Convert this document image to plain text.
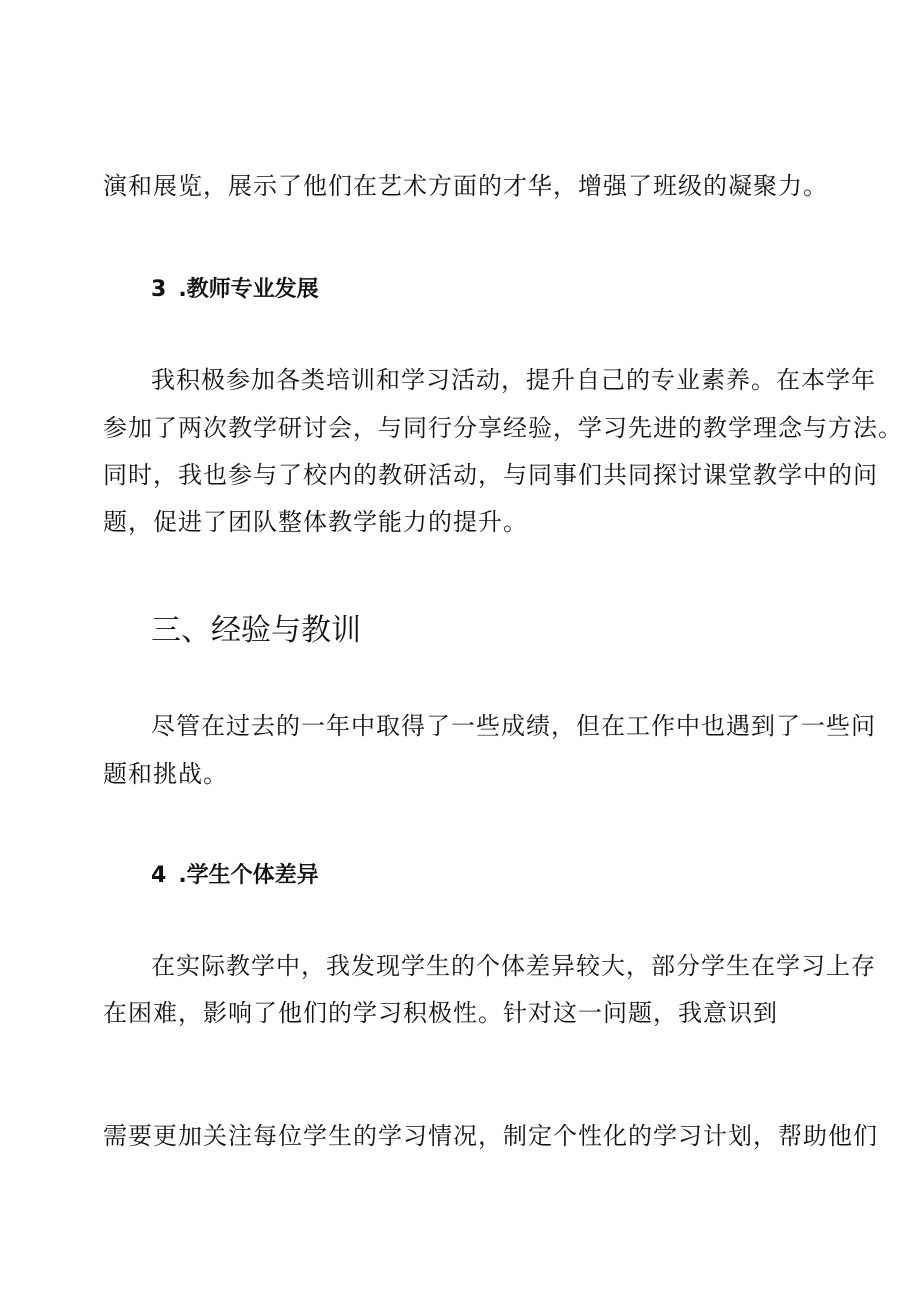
演和展览，展示了他们在艺术方面的才华，增强了班级的凝聚力。
3 .教师专业发展
我积极参加各类培训和学习活动，提升自己的专业素养。在本学年
参加了两次教学研讨会，与同行分享经验，学习先进的教学理念与方法。
同时，我也参与了校内的教研活动，与同事们共同探讨课堂教学中的问
题，促进了团队整体教学能力的提升。
三、经验与教训
尽管在过去的一年中取得了一些成绩，但在工作中也遇到了一些问
题和挑战。
4 .学生个体差异
在实际教学中，我发现学生的个体差异较大，部分学生在学习上存
在困难，影响了他们的学习积极性。针对这一问题，我意识到
需要更加关注每位学生的学习情况，制定个性化的学习计划，帮助他们
